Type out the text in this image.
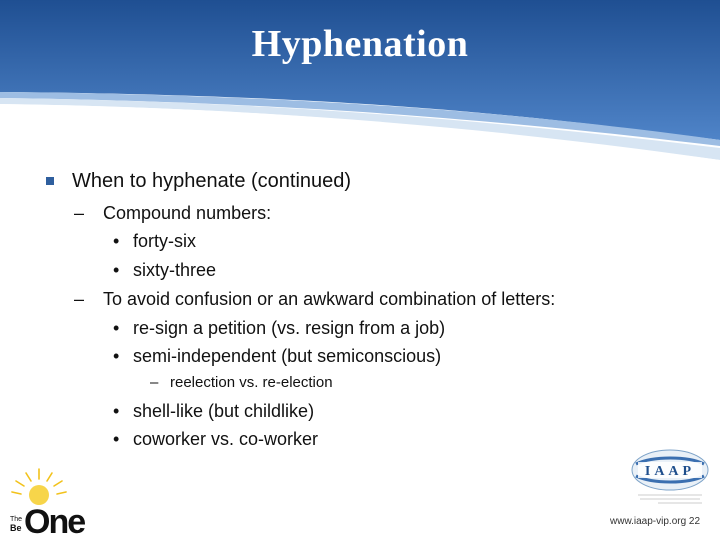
Hyphenation
When to hyphenate (continued)
– Compound numbers:
• forty-six
• sixty-three
– To avoid confusion or an awkward combination of letters:
• re-sign a petition (vs. resign from a job)
• semi-independent (but semiconscious)
– reelection vs. re-election
• shell-like (but childlike)
• coworker vs. co-worker
Be
The One
IAAP
www.iaap-vip.org 22
